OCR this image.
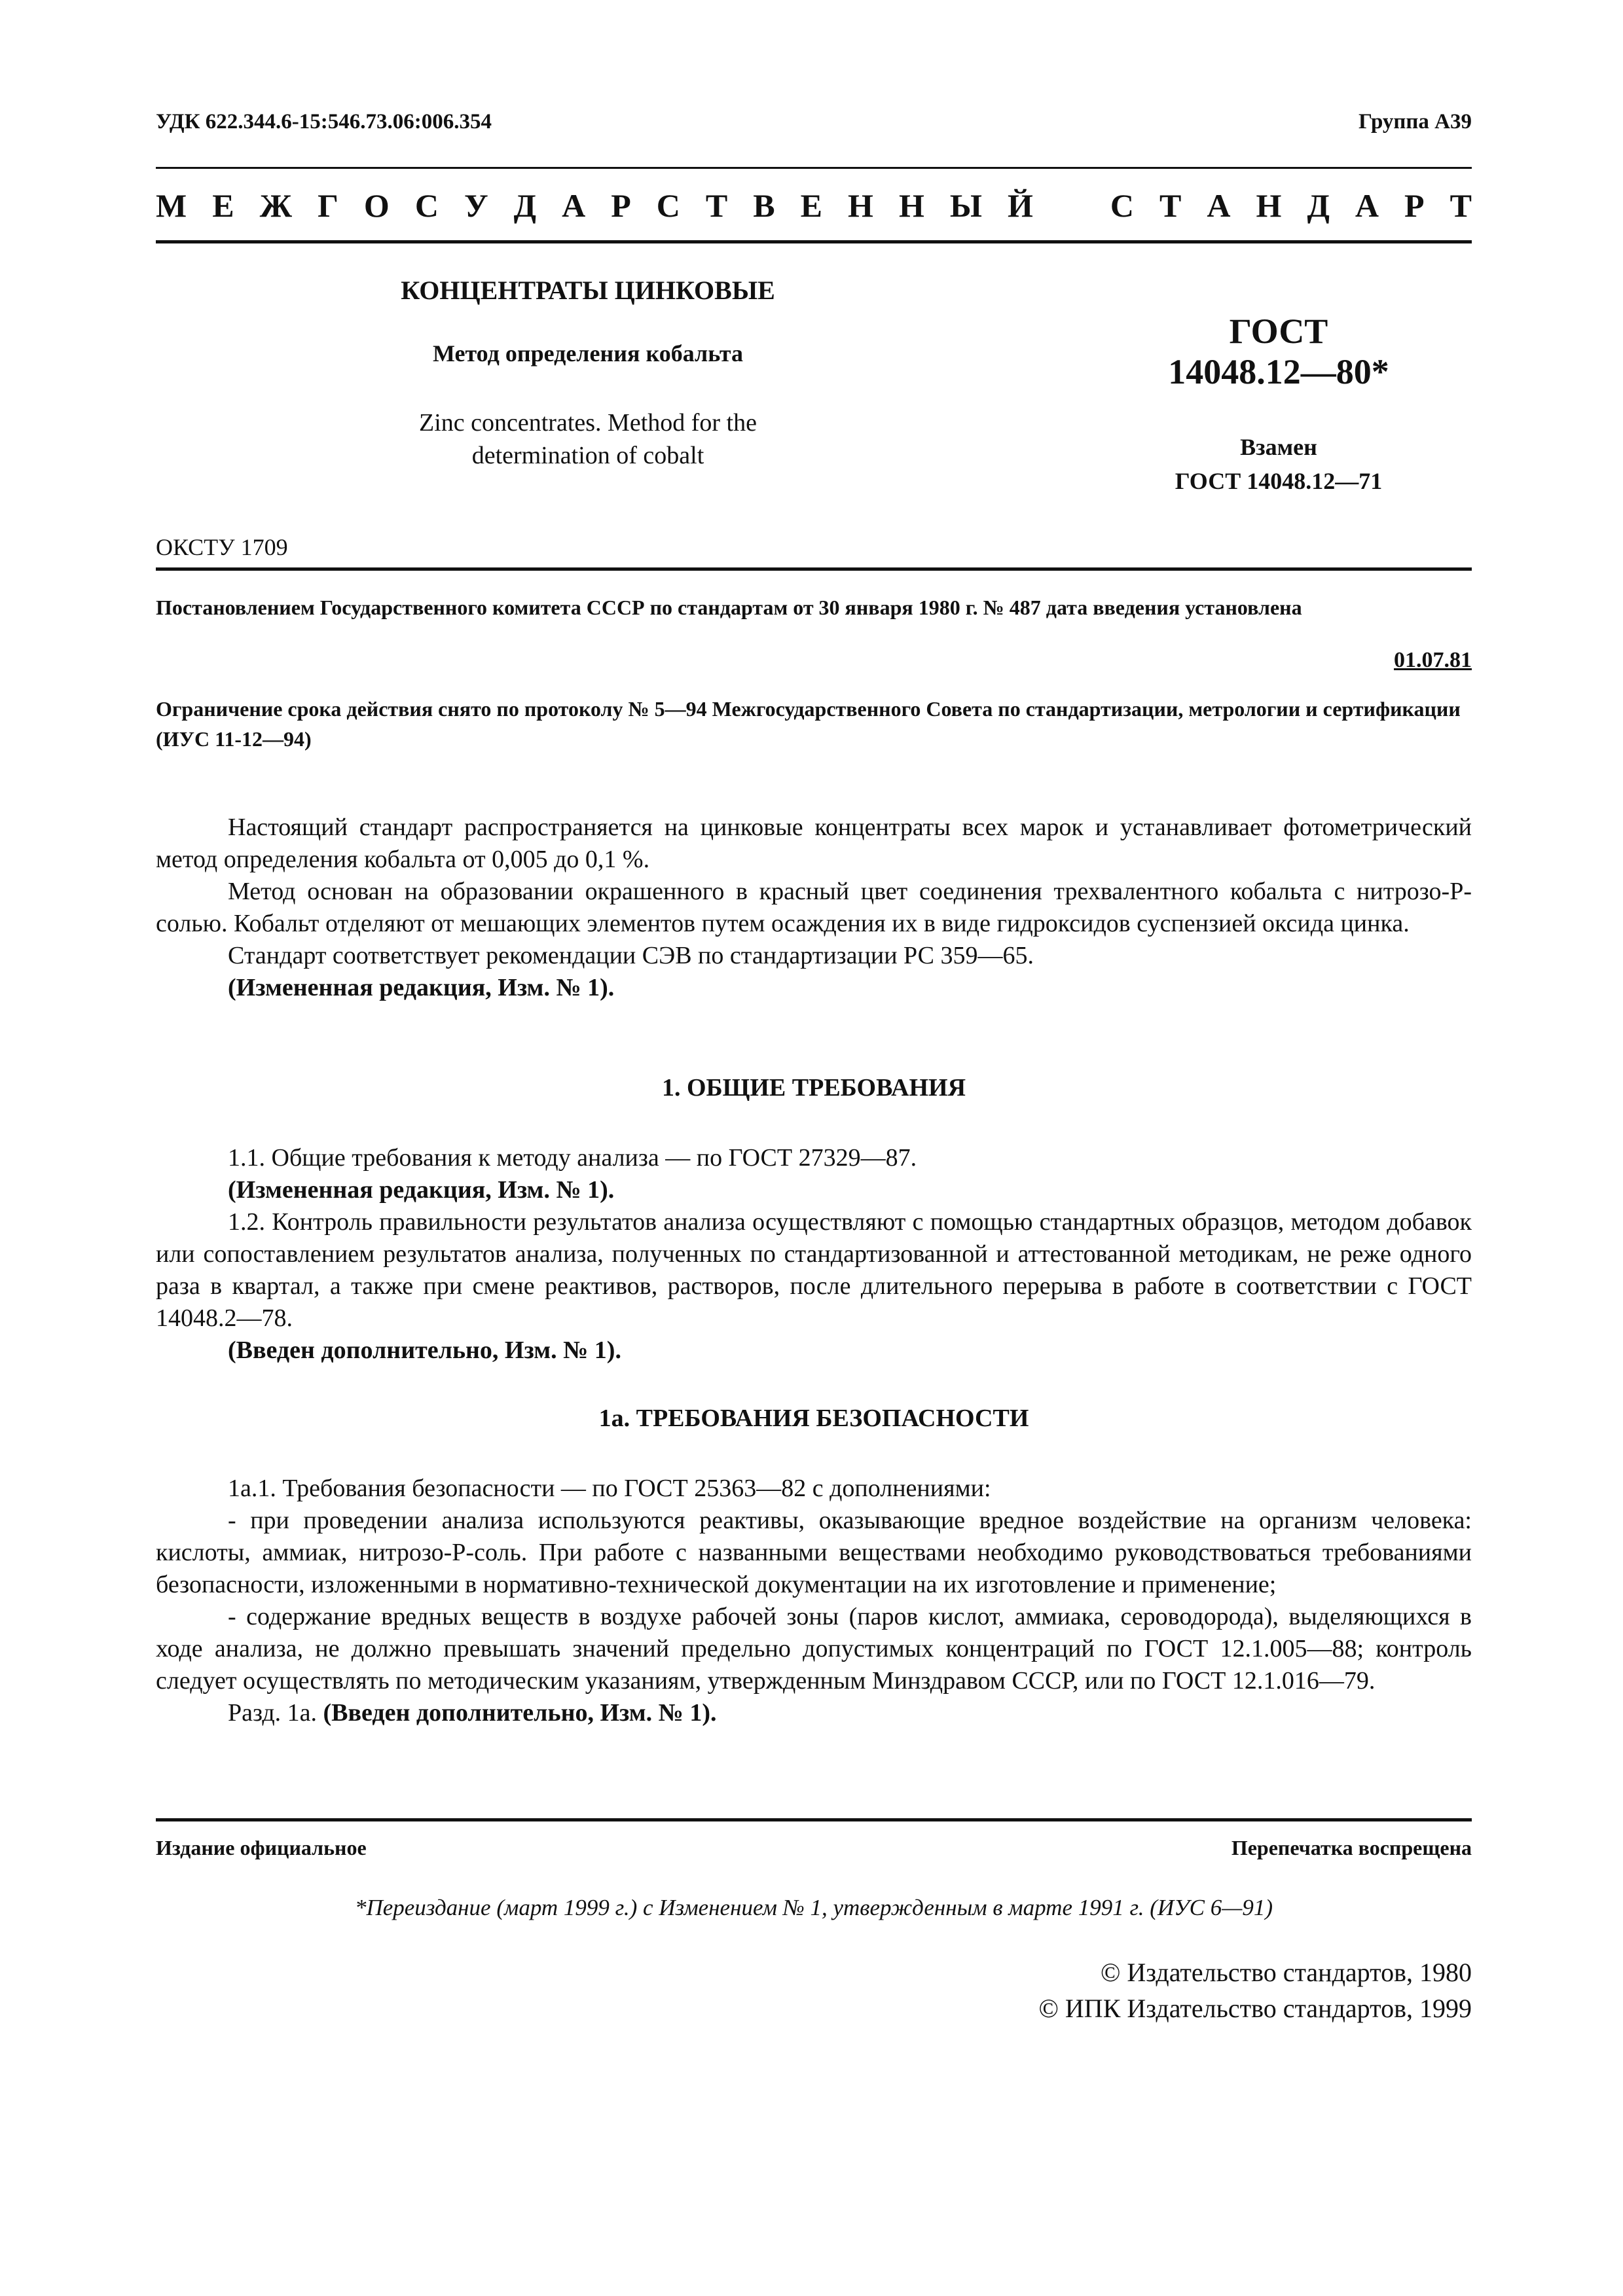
УДК 622.344.6-15:546.73.06:006.354	Группа А39
М Е Ж Г О С У Д А Р С Т В Е Н Н Ы Й С Т А Н Д А Р Т
КОНЦЕНТРАТЫ ЦИНКОВЫЕ
Метод определения кобальта
Zinc concentrates. Method for the determination of cobalt
ГОСТ
14048.12—80*
Взамен
ГОСТ 14048.12—71
ОКСТУ 1709
Постановлением Государственного комитета СССР по стандартам от 30 января 1980 г. № 487 дата введения установлена
01.07.81
Ограничение срока действия снято по протоколу № 5—94 Межгосударственного Совета по стандартизации, метрологии и сертификации (ИУС 11-12—94)

Настоящий стандарт распространяется на цинковые концентраты всех марок и устанавливает фотометрический метод определения кобальта от 0,005 до 0,1 %.

Метод основан на образовании окрашенного в красный цвет соединения трехвалентного кобальта с нитрозо-Р-солью. Кобальт отделяют от мешающих элементов путем осаждения их в виде гидроксидов суспензией оксида цинка.

Стандарт соответствует рекомендации СЭВ по стандартизации РС 359—65.

(Измененная редакция, Изм. № 1).

1. ОБЩИЕ ТРЕБОВАНИЯ

1.1. Общие требования к методу анализа — по ГОСТ 27329—87.

(Измененная редакция, Изм. № 1).

1.2. Контроль правильности результатов анализа осуществляют с помощью стандартных образцов, методом добавок или сопоставлением результатов анализа, полученных по стандартизованной и аттестованной методикам, не реже одного раза в квартал, а также при смене реактивов, растворов, после длительного перерыва в работе в соответствии с ГОСТ 14048.2—78.

(Введен дополнительно, Изм. № 1).

1а. ТРЕБОВАНИЯ БЕЗОПАСНОСТИ

1а.1. Требования безопасности — по ГОСТ 25363—82 с дополнениями:

- при проведении анализа используются реактивы, оказывающие вредное воздействие на организм человека: кислоты, аммиак, нитрозо-Р-соль. При работе с названными веществами необходимо руководствоваться требованиями безопасности, изложенными в нормативно-технической документации на их изготовление и применение;

- содержание вредных веществ в воздухе рабочей зоны (паров кислот, аммиака, сероводорода), выделяющихся в ходе анализа, не должно превышать значений предельно допустимых концентраций по ГОСТ 12.1.005—88; контроль следует осуществлять по методическим указаниям, утвержденным Минздравом СССР, или по ГОСТ 12.1.016—79.

Разд. 1а. (Введен дополнительно, Изм. № 1).

Издание официальное	Перепечатка воспрещена
*Переиздание (март 1999 г.) с Изменением № 1, утвержденным в марте 1991 г. (ИУС 6—91)
© Издательство стандартов, 1980
© ИПК Издательство стандартов, 1999
